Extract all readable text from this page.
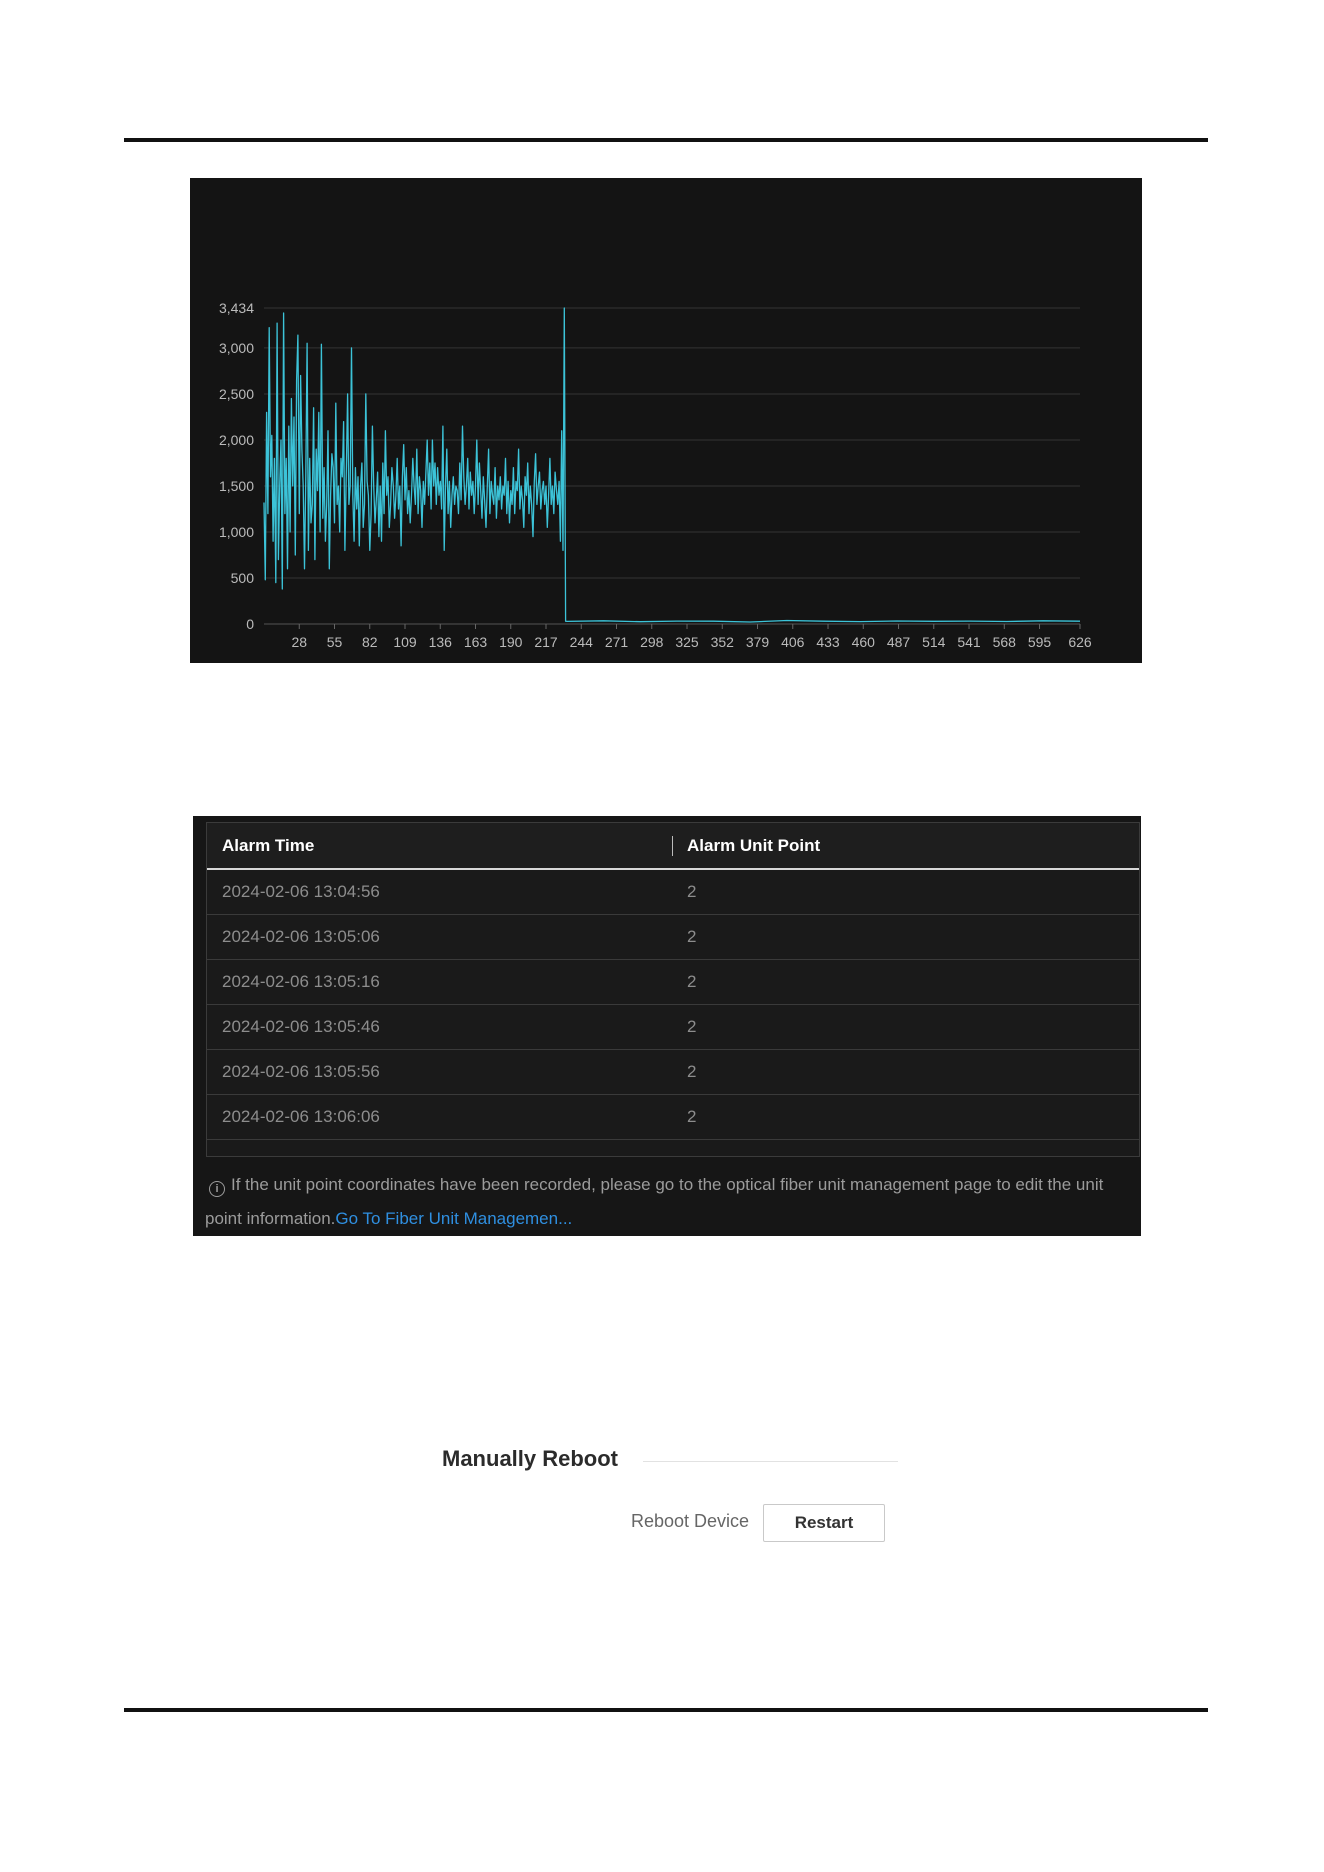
0
500
1,000
1,500
2,000
2,500
3,000
3,434
28 55 82 109 136 163 190 217 244 271 298 325 352 379 406 433 460 487 514 541 568 595 626
Alarm Time	Alarm Unit Point
2024-02-06 13:04:56	2
2024-02-06 13:05:06	2
2024-02-06 13:05:16	2
2024-02-06 13:05:46	2
2024-02-06 13:05:56	2
2024-02-06 13:06:06	2
i If the unit point coordinates have been recorded, please go to the optical fiber unit management page to edit the unit point information.Go To Fiber Unit Managemen...
Manually Reboot
Reboot Device	Restart
